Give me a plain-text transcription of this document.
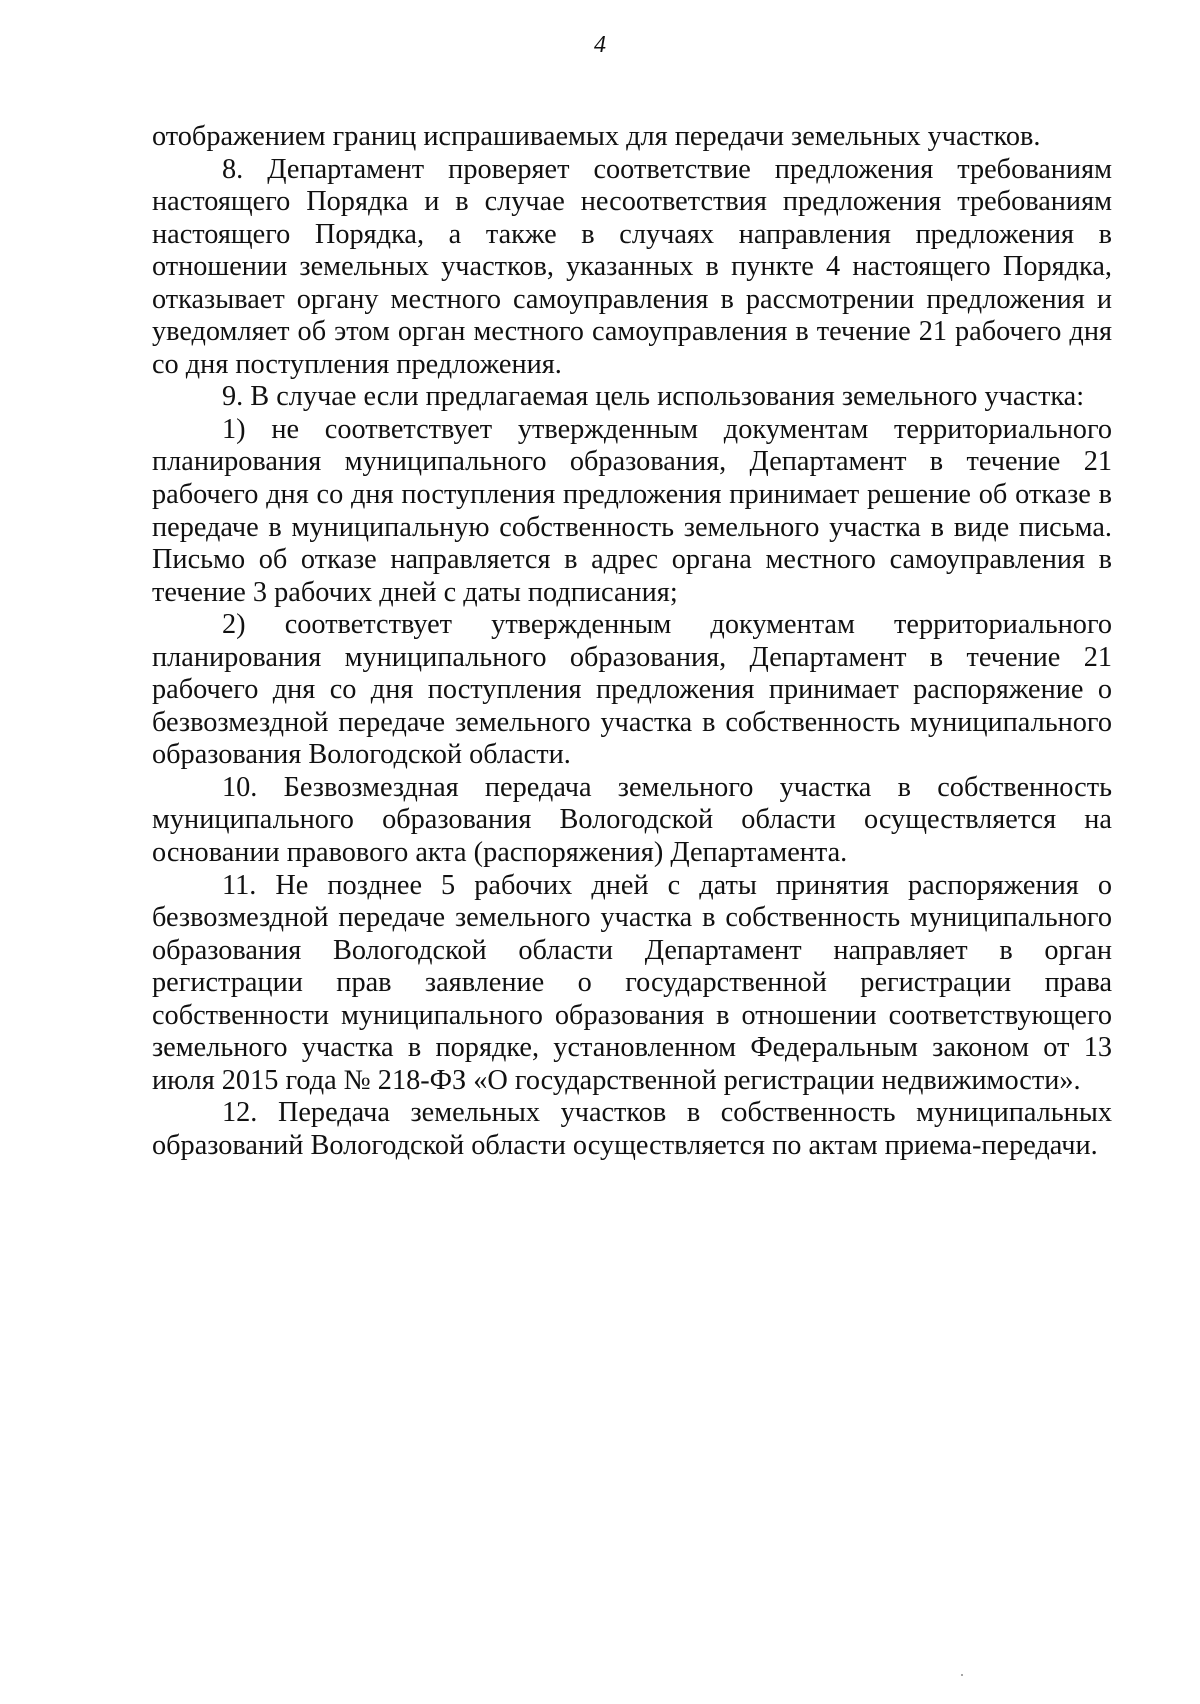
4

отображением границ испрашиваемых для передачи земельных участков.

8. Департамент проверяет соответствие предложения требованиям настоящего Порядка и в случае несоответствия предложения требованиям настоящего Порядка, а также в случаях направления предложения в отношении земельных участков, указанных в пункте 4 настоящего Порядка, отказывает органу местного самоуправления в рассмотрении предложения и уведомляет об этом орган местного самоуправления в течение 21 рабочего дня со дня поступления предложения.

9. В случае если предлагаемая цель использования земельного участка:

1) не соответствует утвержденным документам территориального планирования муниципального образования, Департамент в течение 21 рабочего дня со дня поступления предложения принимает решение об отказе в передаче в муниципальную собственность земельного участка в виде письма. Письмо об отказе направляется в адрес органа местного самоуправления в течение 3 рабочих дней с даты подписания;

2) соответствует утвержденным документам территориального планирования муниципального образования, Департамент в течение 21 рабочего дня со дня поступления предложения принимает распоряжение о безвозмездной передаче земельного участка в собственность муниципального образования Вологодской области.

10. Безвозмездная передача земельного участка в собственность муниципального образования Вологодской области осуществляется на основании правового акта (распоряжения) Департамента.

11. Не позднее 5 рабочих дней с даты принятия распоряжения о безвозмездной передаче земельного участка в собственность муниципального образования Вологодской области Департамент направляет в орган регистрации прав заявление о государственной регистрации права собственности муниципального образования в отношении соответствующего земельного участка в порядке, установленном Федеральным законом от 13 июля 2015 года № 218-ФЗ «О государственной регистрации недвижимости».

12. Передача земельных участков в собственность муниципальных образований Вологодской области осуществляется по актам приема-передачи.
